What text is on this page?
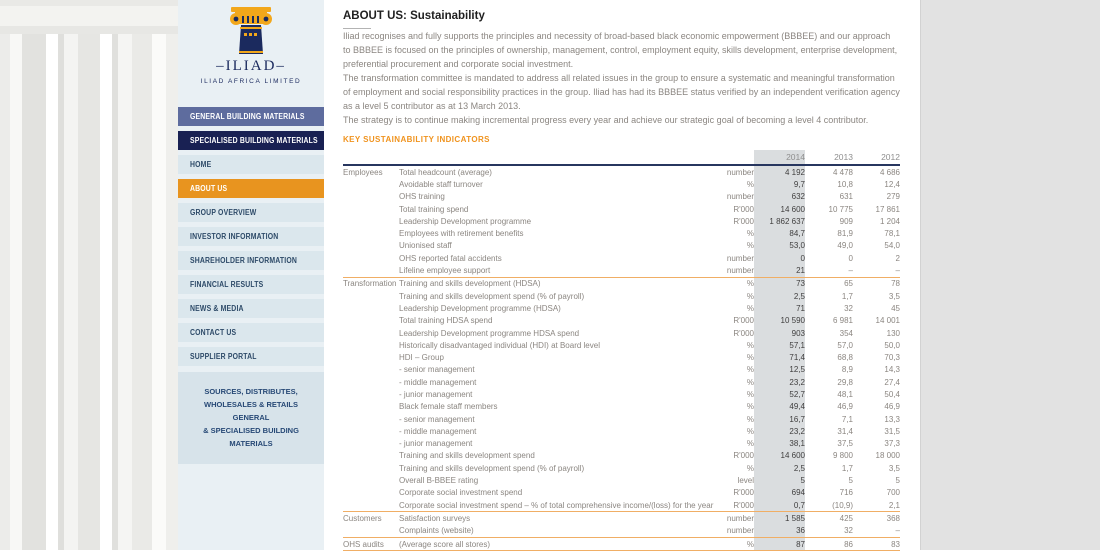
–ILIAD–
ILIAD AFRICA LIMITED
GENERAL BUILDING MATERIALS
SPECIALISED BUILDING MATERIALS
HOME
ABOUT US
GROUP OVERVIEW
INVESTOR INFORMATION
SHAREHOLDER INFORMATION
FINANCIAL RESULTS
NEWS & MEDIA
CONTACT US
SUPPLIER PORTAL
SOURCES, DISTRIBUTES,
WHOLESALES & RETAILS GENERAL
& SPECIALISED BUILDING
MATERIALS
ABOUT US: Sustainability

Iliad recognises and fully supports the principles and necessity of broad-based black economic empowerment (BBBEE) and our approach to BBBEE is focused on the principles of ownership, management, control, employment equity, skills development, enterprise development, preferential procurement and corporate social investment.

The transformation committee is mandated to address all related issues in the group to ensure a systematic and meaningful transformation of employment and social responsibility practices in the group. Iliad has had its BBBEE status verified by an independent verification agency as a level 5 contributor as at 13 March 2013.

The strategy is to continue making incremental progress every year and achieve our strategic goal of becoming a level 4 contributor.

KEY SUSTAINABILITY INDICATORS
			2014	2013	2012
Employees	Total headcount (average)	number	4 192	4 478	4 686
	Avoidable staff turnover	%	9,7	10,8	12,4
	OHS training	number	632	631	279
	Total training spend	R'000	14 600	10 775	17 861
	Leadership Development programme	R'000	1 862 637	909	1 204
	Employees with retirement benefits	%	84,7	81,9	78,1
	Unionised staff	%	53,0	49,0	54,0
	OHS reported fatal accidents	number	0	0	2
	Lifeline employee support	number	21	–	–
Transformation	Training and skills development (HDSA)	%	73	65	78
	Training and skills development spend (% of payroll)	%	2,5	1,7	3,5
	Leadership Development programme (HDSA)	%	71	32	45
	Total training HDSA spend	R'000	10 590	6 981	14 001
	Leadership Development programme HDSA spend	R'000	903	354	130
	Historically disadvantaged individual (HDI) at Board level	%	57,1	57,0	50,0
	HDI – Group	%	71,4	68,8	70,3
	- senior management	%	12,5	8,9	14,3
	- middle management	%	23,2	29,8	27,4
	- junior management	%	52,7	48,1	50,4
	Black female staff members	%	49,4	46,9	46,9
	- senior management	%	16,7	7,1	13,3
	- middle management	%	23,2	31,4	31,5
	- junior management	%	38,1	37,5	37,3
	Training and skills development spend	R'000	14 600	9 800	18 000
	Training and skills development spend (% of payroll)	%	2,5	1,7	3,5
	Overall B-BBEE rating	level	5	5	5
	Corporate social investment spend	R'000	694	716	700
	Corporate social investment spend – % of total comprehensive income/(loss) for the year	R'000	0,7	(10,9)	2,1
Customers	Satisfaction surveys	number	1 585	425	368
	Complaints (website)	number	36	32	–
OHS audits	(Average score all stores)	%	87	86	83
